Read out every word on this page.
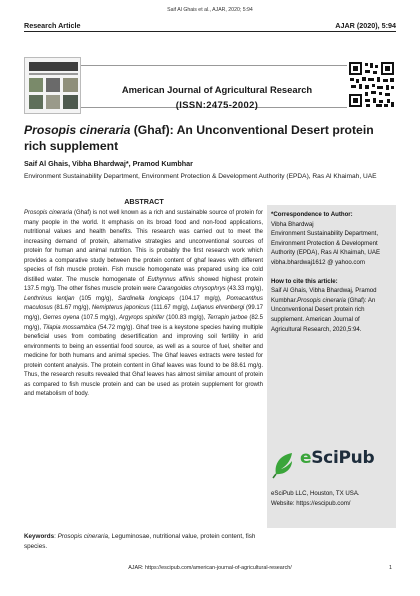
Saif Al Ghais et al., AJAR, 2020; 5:94
Research Article	AJAR (2020), 5:94
American Journal of Agricultural Research
(ISSN:2475-2002)
Prosopis cineraria (Ghaf): An Unconventional Desert protein rich supplement
Saif Al Ghais, Vibha Bhardwaj*, Pramod Kumbhar
Environment Sustainability Department, Environment Protection & Development Authority (EPDA), Ras Al Khaimah, UAE
ABSTRACT
Prosopis cineraria (Ghaf) is not well known as a rich and sustainable source of protein for many people in the world. It emphasis on its broad food and non-food applications, nutritional values and health benefits. This research was carried out to meet the increasing demand of protein, alternative strategies and unconventional sources of protein for human and animal nutrition. This is probably the first research work which provides a comparative study between the protein content of ghaf leaves with different species of fish muscle protein. Fish muscle homogenate was prepared using ice cold distilled water. The muscle homogenate of Euthynnus affinis showed highest protein 137.5 mg/g. The other fishes muscle protein were Carangoides chrysophrys (43.33 mg/g), Lenthrinus lentjan (105 mg/g), Sardinella longiceps (104.17 mg/g), Pomacanthus maculosus (81.67 mg/g), Nemipterus japonicus (111.67 mg/g), Lutjanus ehrenbergi (99.17 mg/g), Gerres oyena (107.5 mg/g), Argyrops spinifer (100.83 mg/g), Terrapin jarboe (82.5 mg/g), Tilapia mossambica (54.72 mg/g). Ghaf tree is a keystone species having multiple beneficial uses from combating desertification and improving soil fertility in arid environments to being an essential food source, as well as a source of fuel, shelter and medicine for both humans and animal species. The Ghaf leaves extracts were tested for protein content analysis. The protein content in Ghaf leaves was found to be 88.61 mg/g. Thus, the research results revealed that Ghaf leaves has almost similar amount of protein as compared to fish muscle protein and can be used as protein supplement for growth and metabolism of body.
Keywords: Prosopis cineraria, Leguminosae, nutritional value, protein content, fish species.
*Correspondence to Author:
Vibha Bhardwaj
Environment Sustainability Department, Environment Protection & Development Authority (EPDA), Ras Al Khaimah, UAE
vibha.bhardwaj1612 @ yahoo.com
How to cite this article:
Saif Al Ghais, Vibha Bhardwaj, Pramod Kumbhar.Prosopis cineraria (Ghaf): An Unconventional Desert protein rich supplement. American Journal of Agricultural Research, 2020,5:94.
eSciPub
eSciPub LLC, Houston, TX USA.
Website: https://escipub.com/
AJAR: https://escipub.com/american-journal-of-agricultural-research/	1
